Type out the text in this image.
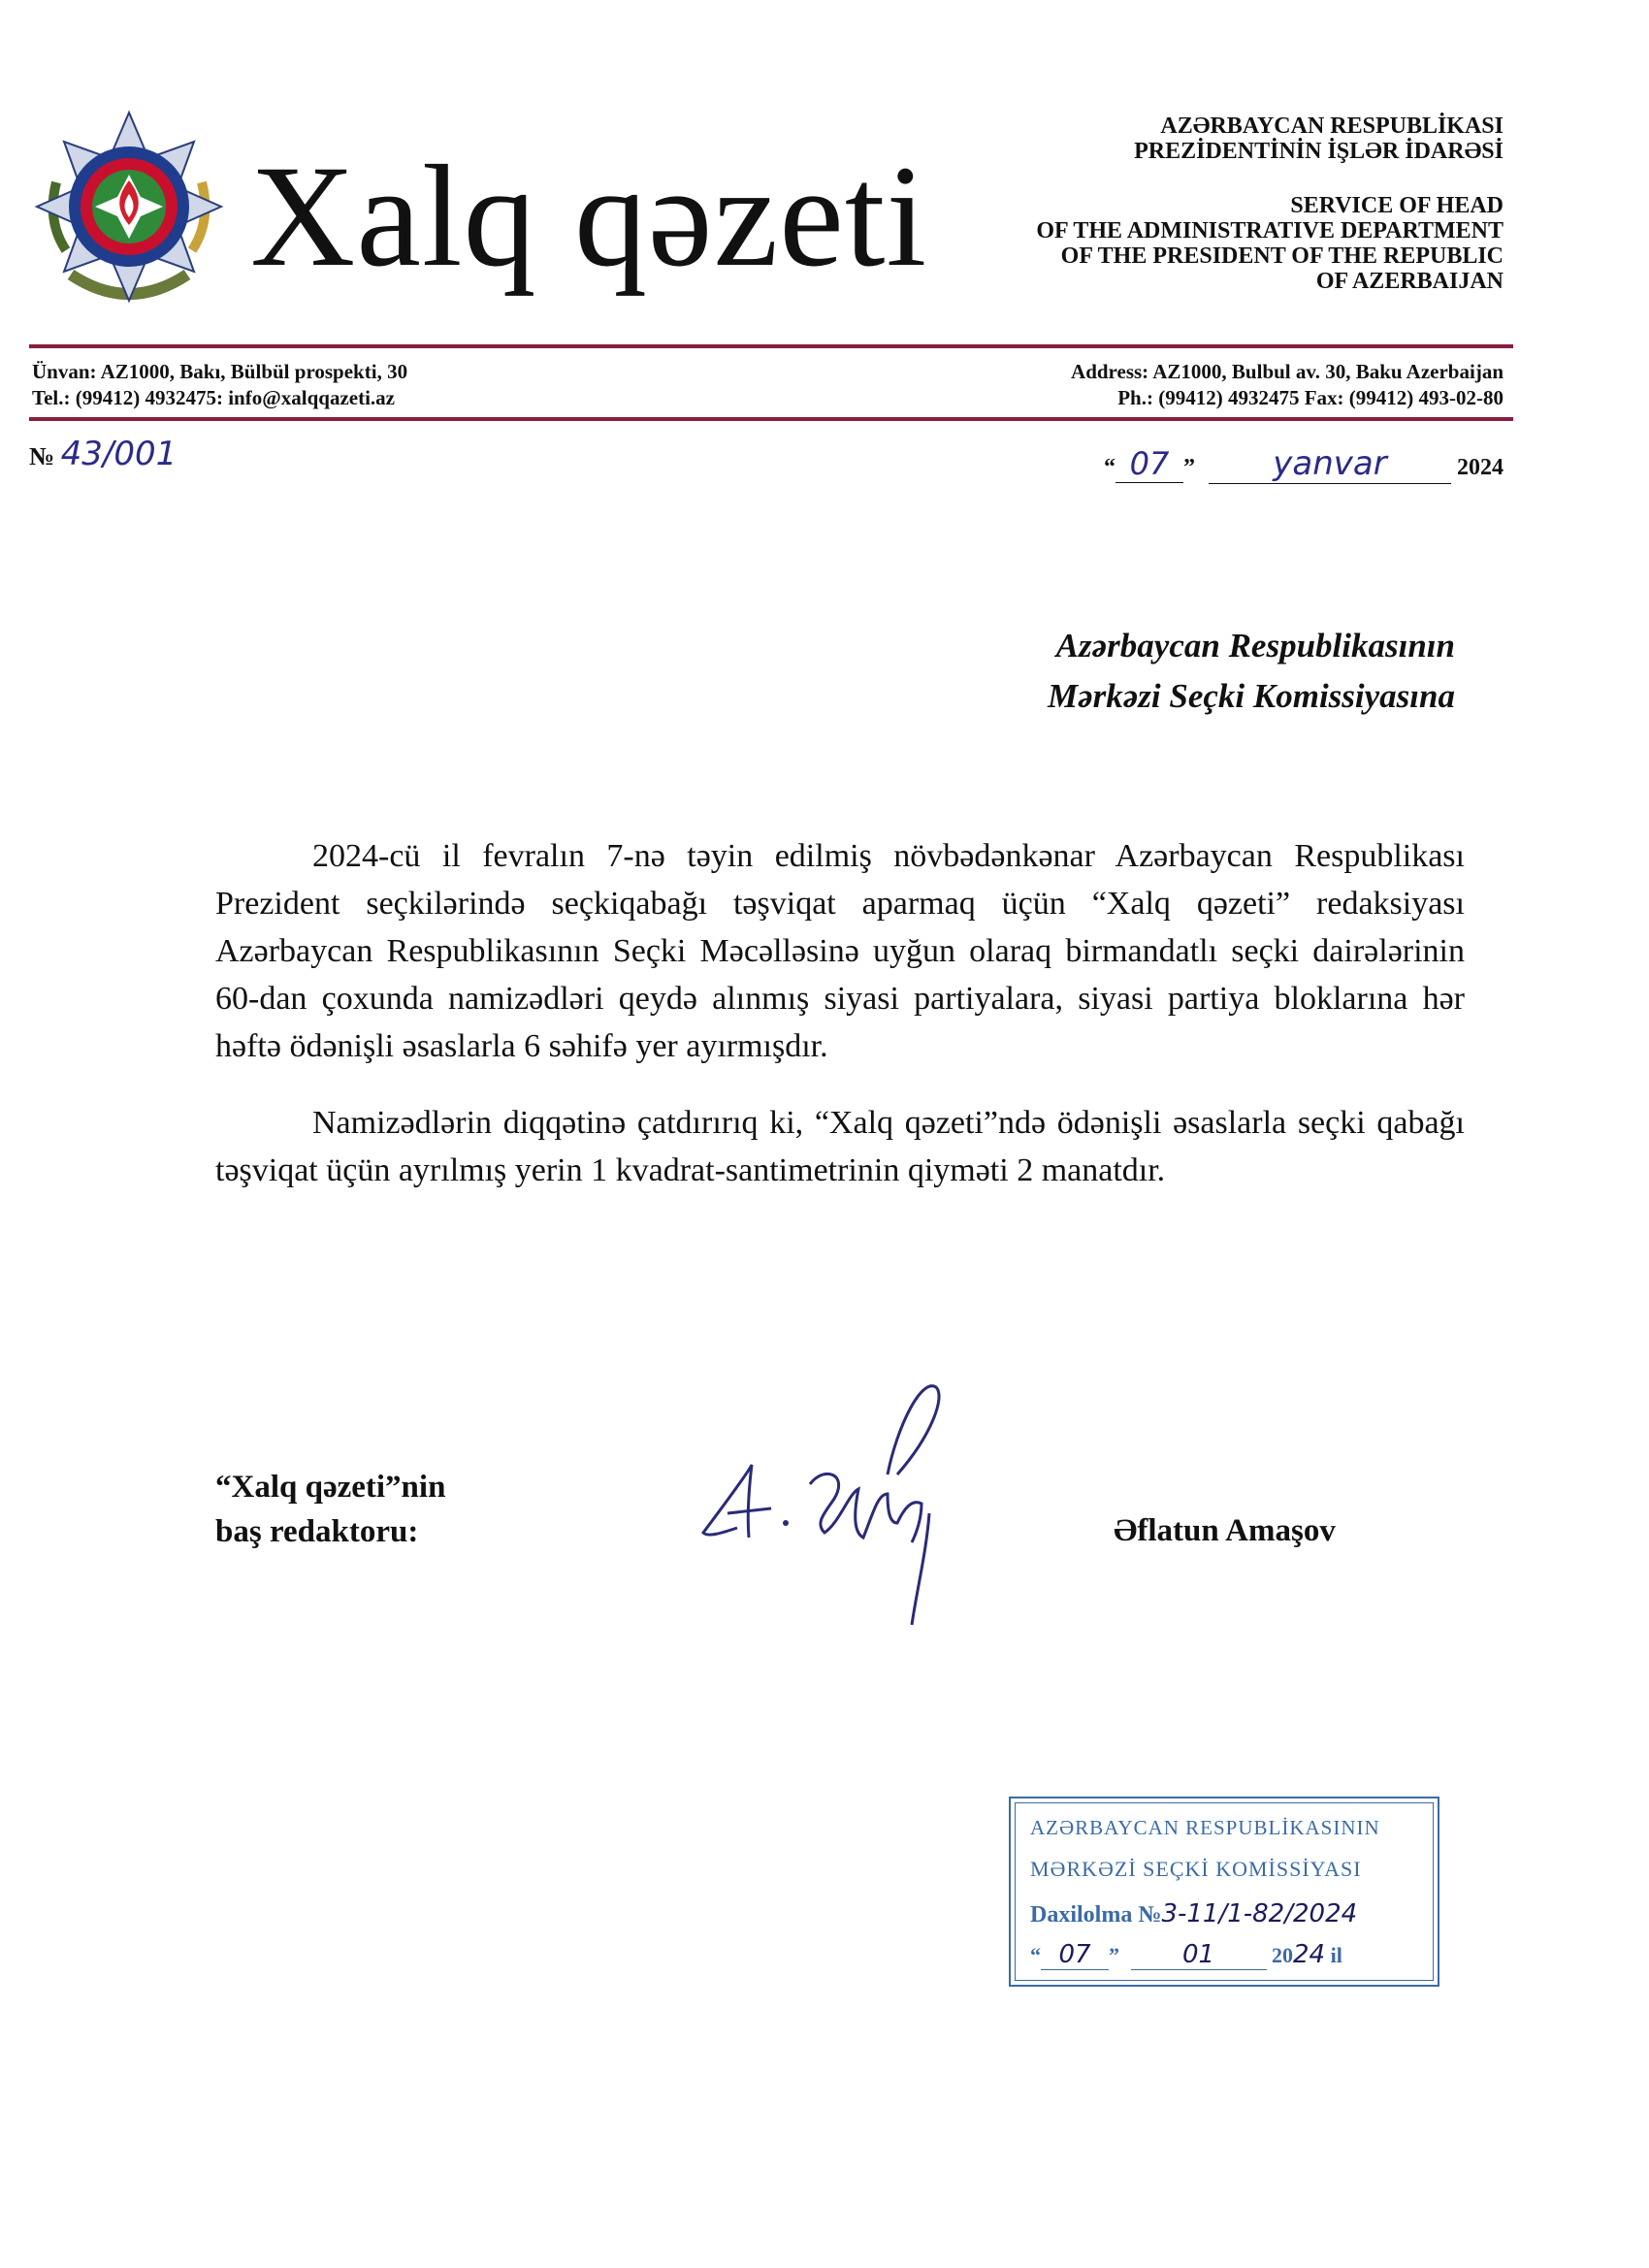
Xalq qəzeti
AZƏRBAYCAN RESPUBLİKASI
PREZİDENTİNİN İŞLƏR İDARƏSİ
SERVICE OF HEAD
OF THE ADMINISTRATIVE DEPARTMENT
OF THE PRESIDENT OF THE REPUBLIC
OF AZERBAIJAN
Ünvan: AZ1000, Bakı, Bülbül prospekti, 30
Tel.: (99412) 4932475: info@xalqqazeti.az
Address: AZ1000, Bulbul av. 30, Baku Azerbaijan
Ph.: (99412) 4932475 Fax: (99412) 493-02-80
№ 43/001	“ 07 ” yanvar	2024
Azərbaycan Respublikasının
Mərkəzi Seçki Komissiyasına

2024-cü il fevralın 7-nə təyin edilmiş növbədənkənar Azərbaycan Respublikası Prezident seçkilərində seçkiqabağı təşviqat aparmaq üçün “Xalq qəzeti” redaksiyası Azərbaycan Respublikasının Seçki Məcəlləsinə uyğun olaraq birmandatlı seçki dairələrinin 60-dan çoxunda namizədləri qeydə alınmış siyasi partiyalara, siyasi partiya bloklarına hər həftə ödənişli əsaslarla 6 səhifə yer ayırmışdır.

Namizədlərin diqqətinə çatdırırıq ki, “Xalq qəzeti”ndə ödənişli əsaslarla seçki qabağı təşviqat üçün ayrılmış yerin 1 kvadrat-santimetrinin qiyməti 2 manatdır.

“Xalq qəzeti”nin
baş redaktoru:	Əflatun Amaşov
AZƏRBAYCAN RESPUBLİKASININ
MƏRKƏZİ SEÇKİ KOMİSSİYASI
Daxilolma №3-11/1-82/2024
“ 07 ” 01	2024 il
